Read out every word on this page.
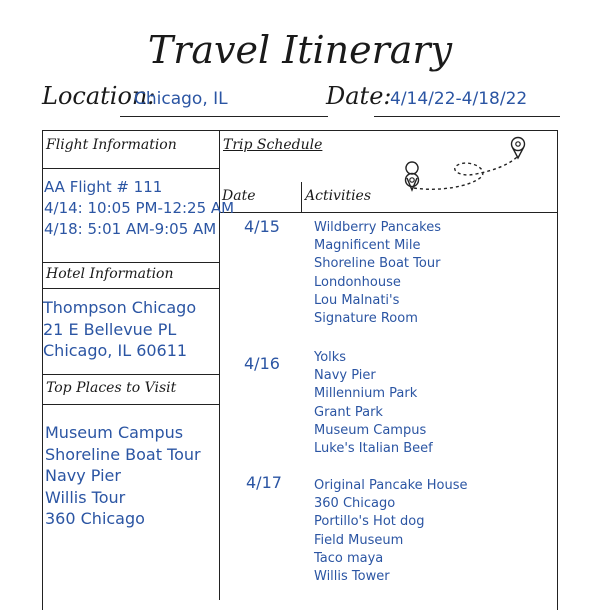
Travel Itinerary
Location:
Chicago, IL	Date:
4/14/22-4/18/22
Flight Information
AA Flight # 111
4/14: 10:05 PM-12:25 AM
4/18: 5:01 AM-9:05 AM
Hotel Information
Thompson Chicago
21 E Bellevue PL
Chicago, IL 60611
Top Places to Visit
Museum Campus
Shoreline Boat Tour
Navy Pier
Willis Tour
360 Chicago
Trip Schedule
Date	Activities
4/15	Wildberry Pancakes
Magnificent Mile
Shoreline Boat Tour
Londonhouse
Lou Malnati's
Signature Room
4/16	Yolks
Navy Pier
Millennium Park
Grant Park
Museum Campus
Luke's Italian Beef
4/17 Original Pancake House
360 Chicago
Portillo's Hot dog
Field Museum
Taco maya
Willis Tower
